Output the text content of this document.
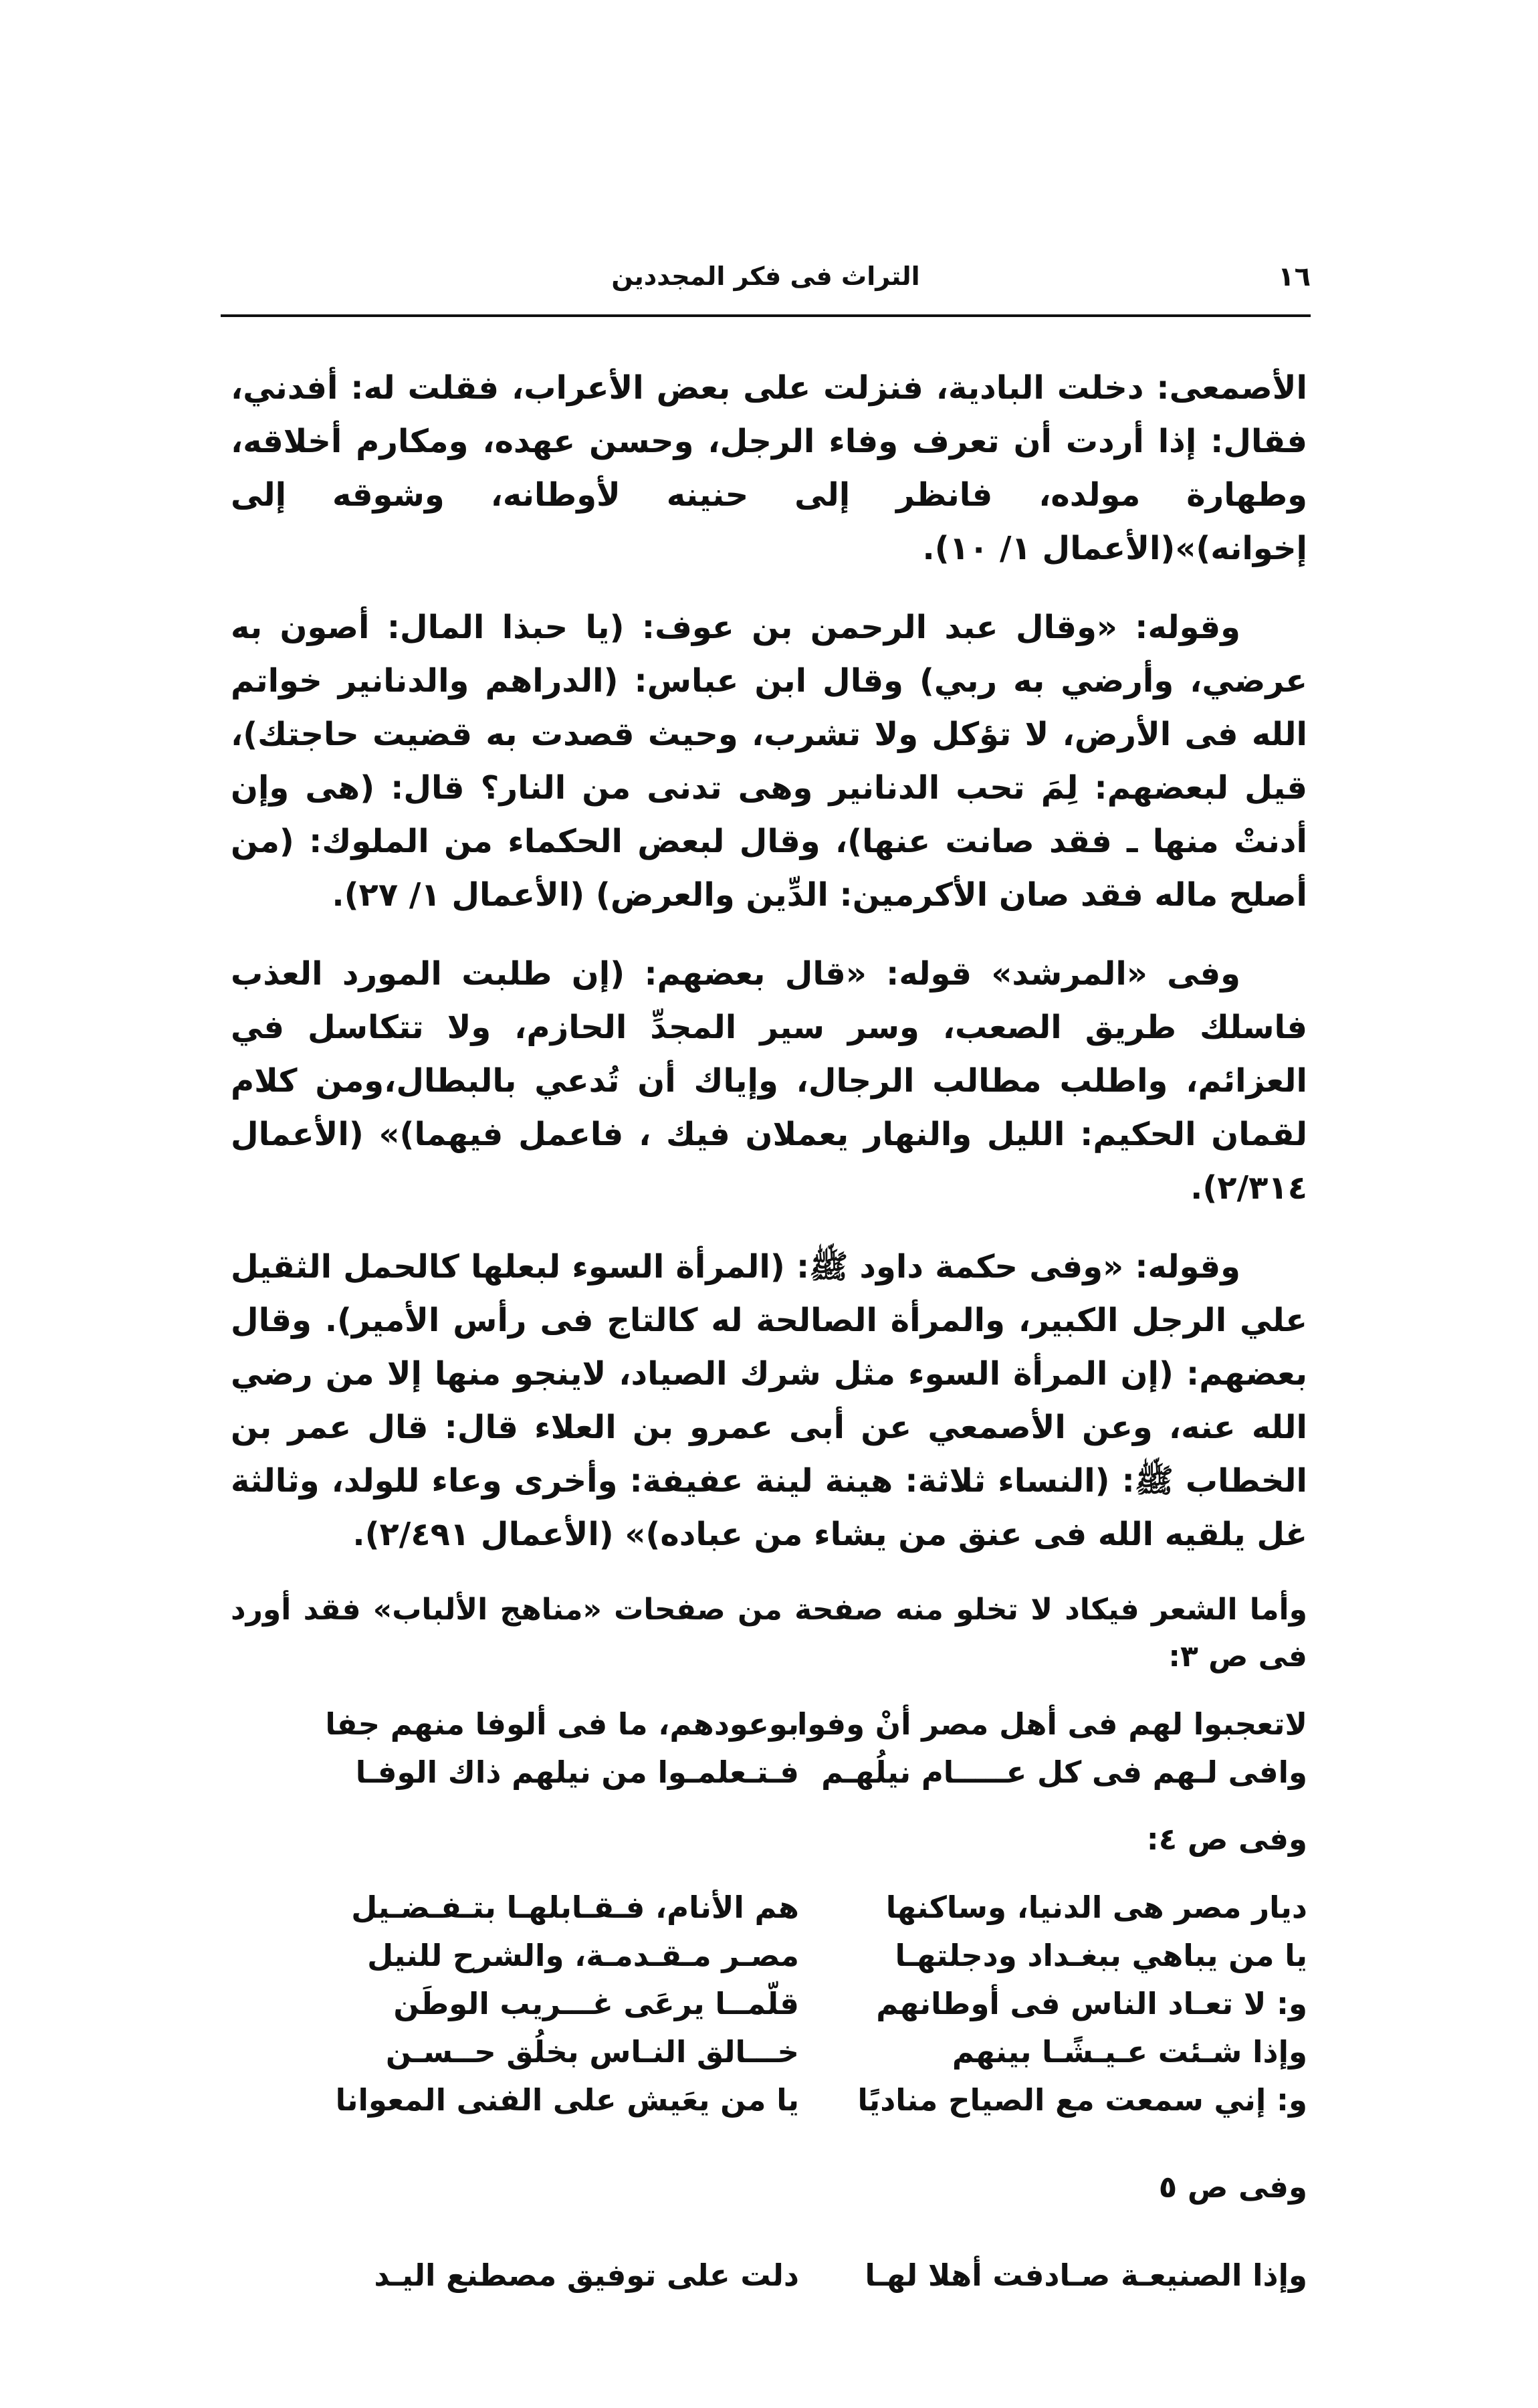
١٦
التراث فى فكر المجددين

الأصمعى: دخلت البادية، فنزلت على بعض الأعراب، فقلت له: أفدني، فقال: إذا أردت أن تعرف وفاء الرجل، وحسن عهده، ومكارم أخلاقه، وطهارة مولده، فانظر إلى حنينه لأوطانه، وشوقه إلى إخوانه)»(الأعمال ١/ ١٠).

وقوله: «وقال عبد الرحمن بن عوف: (يا حبذا المال: أصون به عرضي، وأرضي به ربي) وقال ابن عباس: (الدراهم والدنانير خواتم الله فى الأرض، لا تؤكل ولا تشرب، وحيث قصدت به قضيت حاجتك)، قيل لبعضهم: لِمَ تحب الدنانير وهى تدنى من النار؟ قال: (هى وإن أدنتْ منها ـ فقد صانت عنها)، وقال لبعض الحكماء من الملوك: (من أصلح ماله فقد صان الأكرمين: الدِّين والعرض) (الأعمال ١/ ٢٧).

وفى «المرشد» قوله: «قال بعضهم: (إن طلبت المورد العذب فاسلك طريق الصعب، وسر سير المجدِّ الحازم، ولا تتكاسل في العزائم، واطلب مطالب الرجال، وإياك أن تُدعي بالبطال،ومن كلام لقمان الحكيم: الليل والنهار يعملان فيك ، فاعمل فيهما)» (الأعمال ٢/٣١٤).

وقوله: «وفى حكمة داود ﷺ: (المرأة السوء لبعلها كالحمل الثقيل علي الرجل الكبير، والمرأة الصالحة له كالتاج فى رأس الأمير). وقال بعضهم: (إن المرأة السوء مثل شرك الصياد، لاينجو منها إلا من رضي الله عنه، وعن الأصمعي عن أبى عمرو بن العلاء قال: قال عمر بن الخطاب ﷺ: (النساء ثلاثة: هينة لينة عفيفة: وأخرى وعاء للولد، وثالثة غل يلقيه الله فى عنق من يشاء من عباده)» (الأعمال ٢/٤٩١).

وأما الشعر فيكاد لا تخلو منه صفحة من صفحات «مناهج الألباب» فقد أورد فى ص ٣:

لاتعجبوا لهم فى أهل مصر أنْ وفوا
بوعودهم، ما فى ألوفا منهم جفا
وافى لـهم فى كل عـــــام نيلُهـم
فـتـعلمـوا من نيلهم ذاك الوفـا

وفى ص ٤:

ديار مصر هى الدنيا، وساكنها
هم الأنام، فـقـابلهـا بتـفـضـيل
يا من يباهي ببغـداد ودجلتهـا
مصـر مـقـدمـة، والشرح للنيل
و: لا تعـاد الناس فى أوطانهم
قلّمــا يرعَى غـــريب الوطَن
وإذا شـئت عـيـشًـا بينهم
خـــالق النـاس بخلُق حــسـن
و: إني سمعت مع الصياح مناديًا
يا من يعَيش على الفنى المعوانا

وفى ص ٥

وإذا الصنيعـة صـادفت أهلا لهـا
دلت على توفيق مصطنع اليـد
